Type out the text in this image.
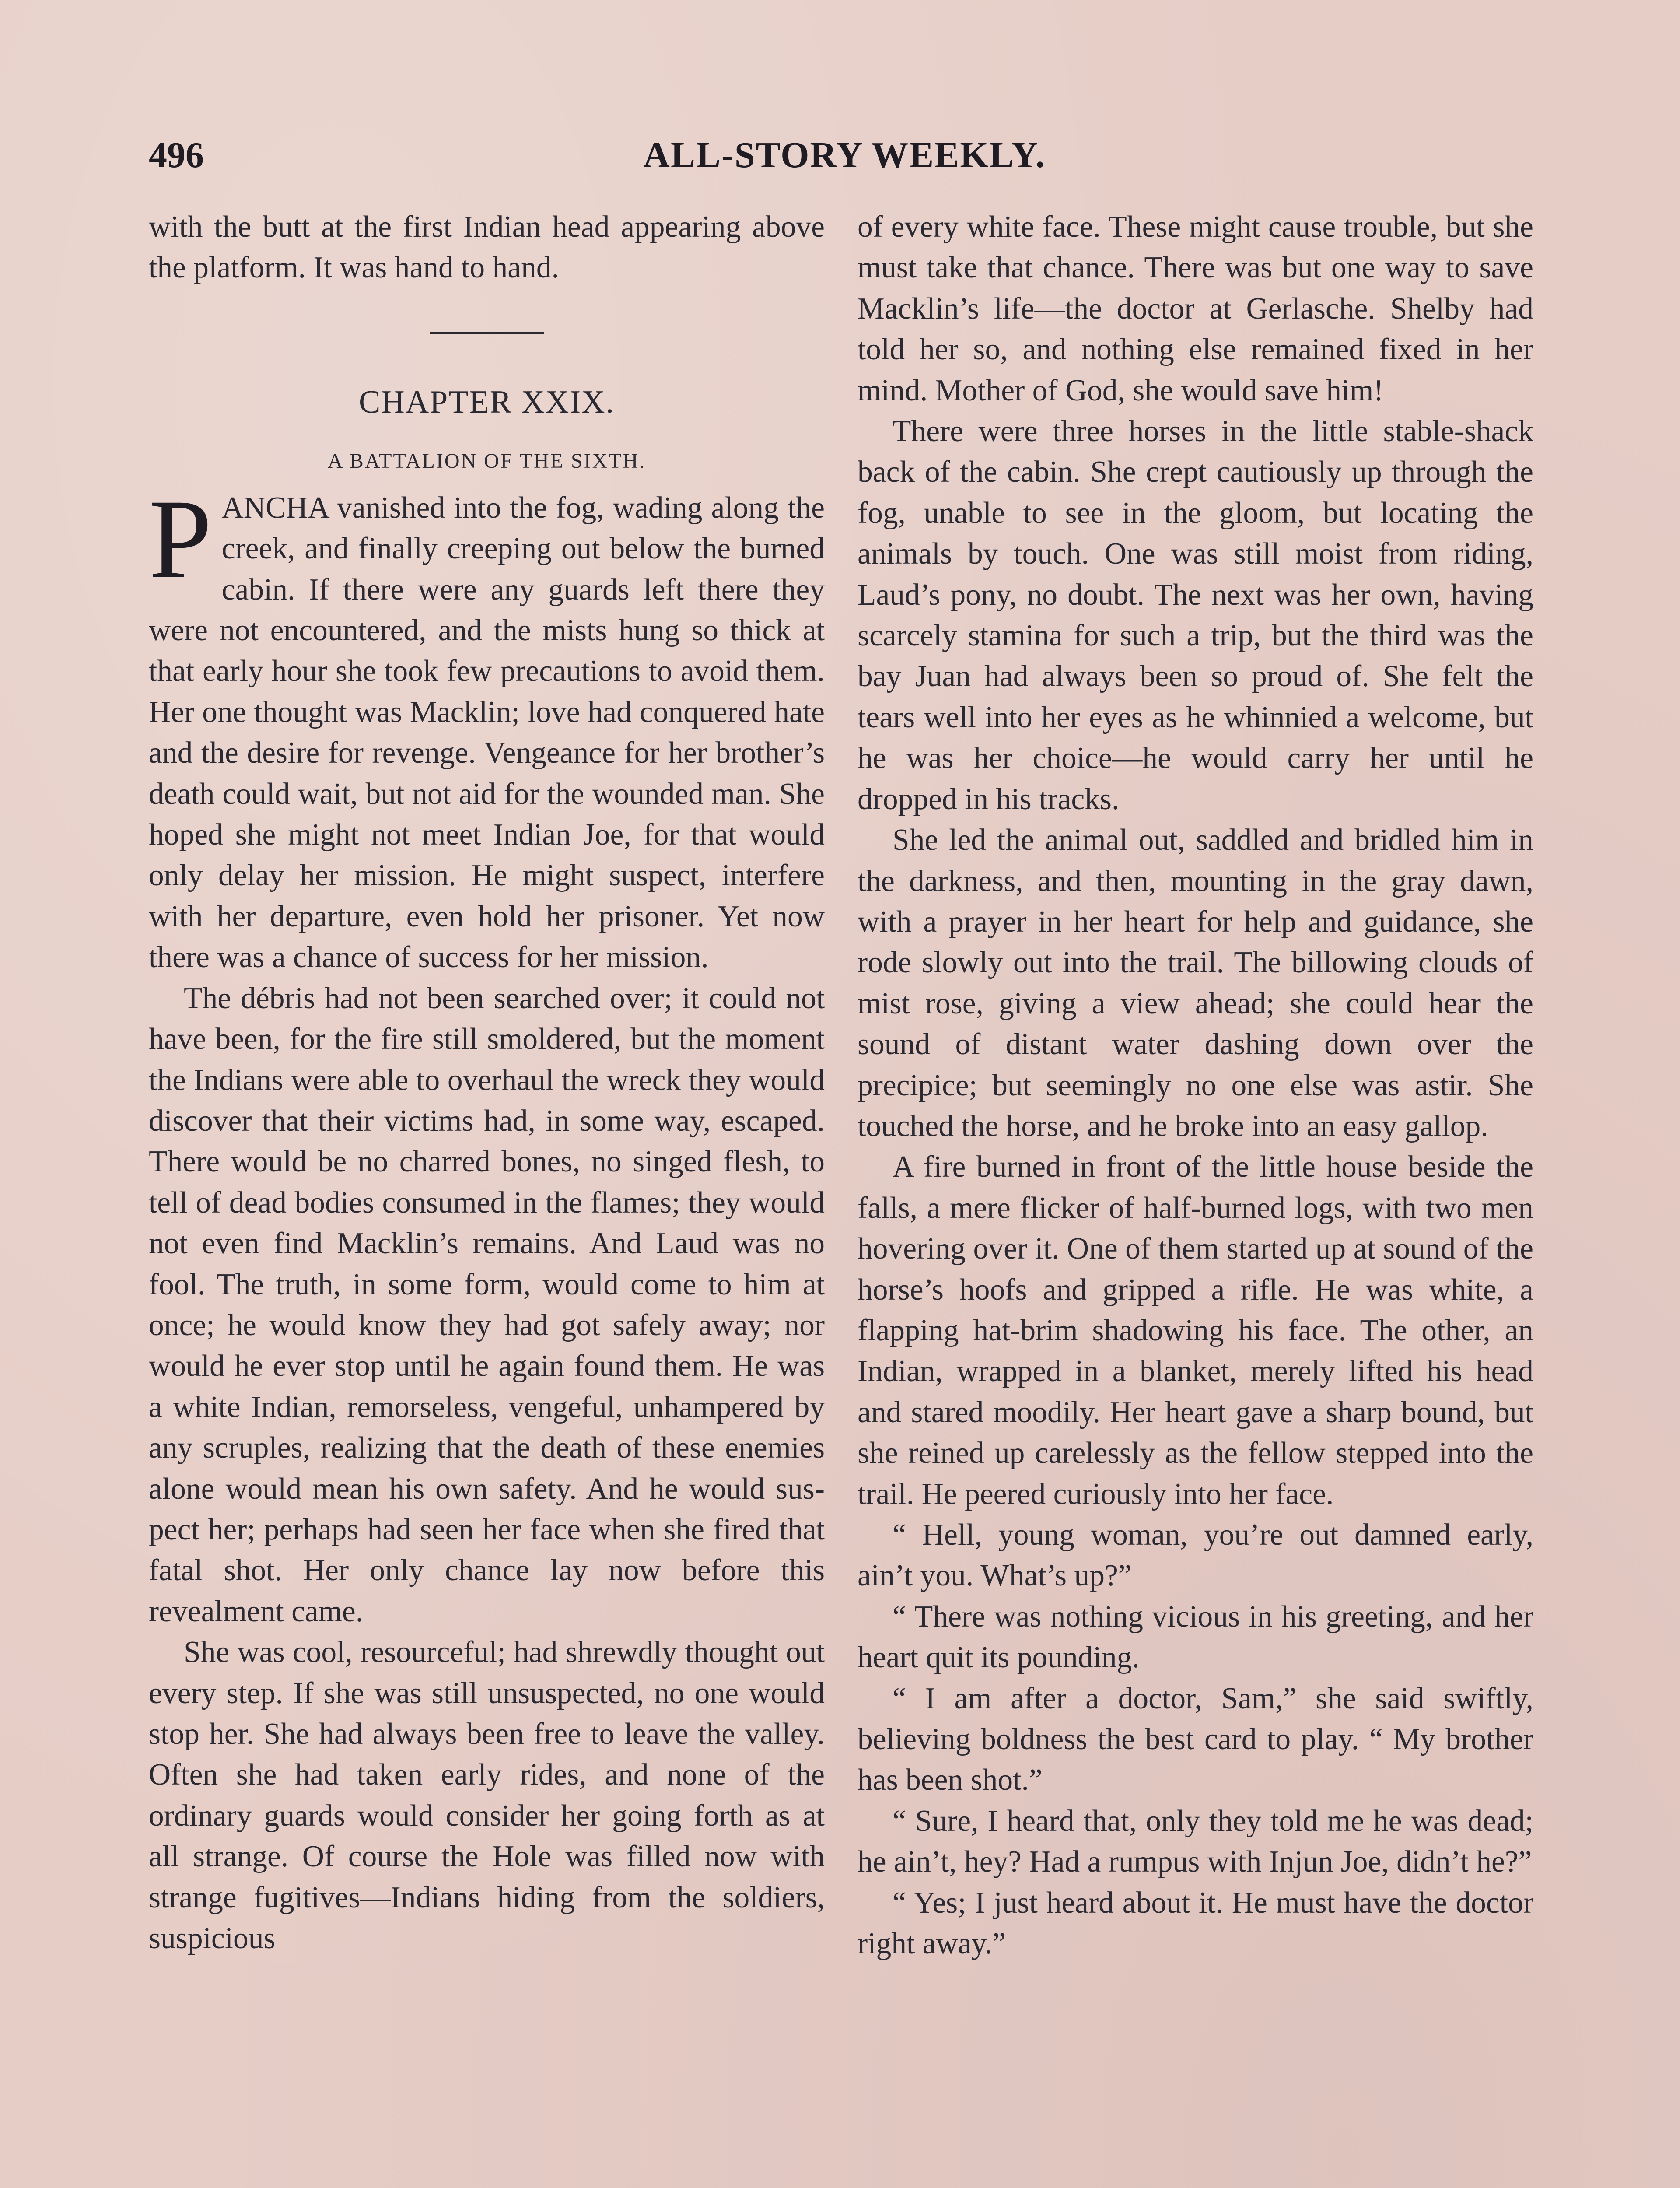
496	ALL-STORY WEEKLY.

with the butt at the first Indian head appearing above the platform. It was hand to hand.

CHAPTER XXIX.
A BATTALION OF THE SIXTH.

PANCHA vanished into the fog, wading along the creek, and finally creeping out below the burned cabin. If there were any guards left there they were not encountered, and the mists hung so thick at that early hour she took few precautions to avoid them. Her one thought was Macklin; love had conquered hate and the desire for revenge. Vengeance for her brother’s death could wait, but not aid for the wounded man. She hoped she might not meet Indian Joe, for that would only delay her mission. He might suspect, interfere with her departure, even hold her prisoner. Yet now there was a chance of success for her mission.

The débris had not been searched over; it could not have been, for the fire still smoldered, but the moment the Indians were able to overhaul the wreck they would discover that their victims had, in some way, escaped. There would be no charred bones, no singed flesh, to tell of dead bodies consumed in the flames; they would not even find Macklin’s remains. And Laud was no fool. The truth, in some form, would come to him at once; he would know they had got safely away; nor would he ever stop until he again found them. He was a white Indian, remorseless, vengeful, unhampered by any scruples, realizing that the death of these enemies alone would mean his own safety. And he would suspect her; perhaps had seen her face when she fired that fatal shot. Her only chance lay now before this revealment came.

She was cool, resourceful; had shrewdly thought out every step. If she was still unsuspected, no one would stop her. She had always been free to leave the valley. Often she had taken early rides, and none of the ordinary guards would consider her going forth as at all strange. Of course the Hole was filled now with strange fugitives—Indians hiding from the soldiers, suspicious

of every white face. These might cause trouble, but she must take that chance. There was but one way to save Macklin’s life—the doctor at Gerlasche. Shelby had told her so, and nothing else remained fixed in her mind. Mother of God, she would save him!

There were three horses in the little stable-shack back of the cabin. She crept cautiously up through the fog, unable to see in the gloom, but locating the animals by touch. One was still moist from riding, Laud’s pony, no doubt. The next was her own, having scarcely stamina for such a trip, but the third was the bay Juan had always been so proud of. She felt the tears well into her eyes as he whinnied a welcome, but he was her choice—he would carry her until he dropped in his tracks.

She led the animal out, saddled and bridled him in the darkness, and then, mounting in the gray dawn, with a prayer in her heart for help and guidance, she rode slowly out into the trail. The billowing clouds of mist rose, giving a view ahead; she could hear the sound of distant water dashing down over the precipice; but seemingly no one else was astir. She touched the horse, and he broke into an easy gallop.

A fire burned in front of the little house beside the falls, a mere flicker of half-burned logs, with two men hovering over it. One of them started up at sound of the horse’s hoofs and gripped a rifle. He was white, a flapping hat-brim shadowing his face. The other, an Indian, wrapped in a blanket, merely lifted his head and stared moodily. Her heart gave a sharp bound, but she reined up carelessly as the fellow stepped into the trail. He peered curiously into her face.

“ Hell, young woman, you’re out damned early, ain’t you. What’s up?”

“ There was nothing vicious in his greeting, and her heart quit its pounding.

“ I am after a doctor, Sam,” she said swiftly, believing boldness the best card to play. “ My brother has been shot.”

“ Sure, I heard that, only they told me he was dead; he ain’t, hey? Had a rumpus with Injun Joe, didn’t he?”

“ Yes; I just heard about it. He must have the doctor right away.”
